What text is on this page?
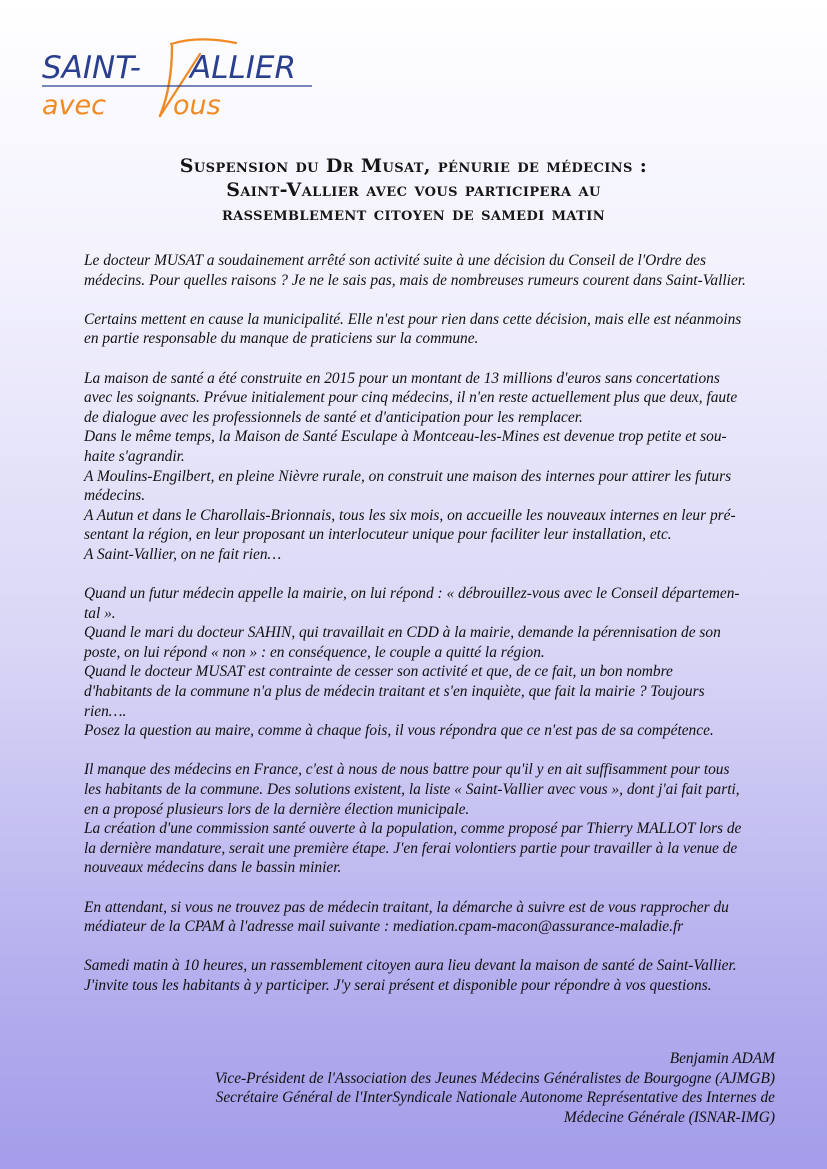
SAINT- ALLIER
avec ous
Suspension du Dr Musat, pénurie de médecins :
Saint-Vallier avec vous participera au
rassemblement citoyen de samedi matin

Le docteur MUSAT a soudainement arrêté son activité suite à une décision du Conseil de l'Ordre des
médecins. Pour quelles raisons ? Je ne le sais pas, mais de nombreuses rumeurs courent dans Saint-Vallier.

Certains mettent en cause la municipalité. Elle n'est pour rien dans cette décision, mais elle est néanmoins
en partie responsable du manque de praticiens sur la commune.

La maison de santé a été construite en 2015 pour un montant de 13 millions d'euros sans concertations
avec les soignants. Prévue initialement pour cinq médecins, il n'en reste actuellement plus que deux, faute
de dialogue avec les professionnels de santé et d'anticipation pour les remplacer.
Dans le même temps, la Maison de Santé Esculape à Montceau-les-Mines est devenue trop petite et sou-
haite s'agrandir.
A Moulins-Engilbert, en pleine Nièvre rurale, on construit une maison des internes pour attirer les futurs
médecins.
A Autun et dans le Charollais-Brionnais, tous les six mois, on accueille les nouveaux internes en leur pré-
sentant la région, en leur proposant un interlocuteur unique pour faciliter leur installation, etc.
A Saint-Vallier, on ne fait rien…

Quand un futur médecin appelle la mairie, on lui répond : « débrouillez-vous avec le Conseil départemen-
tal ».
Quand le mari du docteur SAHIN, qui travaillait en CDD à la mairie, demande la pérennisation de son
poste, on lui répond « non » : en conséquence, le couple a quitté la région.
Quand le docteur MUSAT est contrainte de cesser son activité et que, de ce fait, un bon nombre
d'habitants de la commune n'a plus de médecin traitant et s'en inquiète, que fait la mairie ? Toujours
rien….
Posez la question au maire, comme à chaque fois, il vous répondra que ce n'est pas de sa compétence.

Il manque des médecins en France, c'est à nous de nous battre pour qu'il y en ait suffisamment pour tous
les habitants de la commune. Des solutions existent, la liste « Saint-Vallier avec vous », dont j'ai fait parti,
en a proposé plusieurs lors de la dernière élection municipale.
La création d'une commission santé ouverte à la population, comme proposé par Thierry MALLOT lors de
la dernière mandature, serait une première étape. J'en ferai volontiers partie pour travailler à la venue de
nouveaux médecins dans le bassin minier.

En attendant, si vous ne trouvez pas de médecin traitant, la démarche à suivre est de vous rapprocher du
médiateur de la CPAM à l'adresse mail suivante : mediation.cpam-macon@assurance-maladie.fr

Samedi matin à 10 heures, un rassemblement citoyen aura lieu devant la maison de santé de Saint-Vallier.
J'invite tous les habitants à y participer. J'y serai présent et disponible pour répondre à vos questions.

Benjamin ADAM
Vice-Président de l'Association des Jeunes Médecins Généralistes de Bourgogne (AJMGB)
Secrétaire Général de l'InterSyndicale Nationale Autonome Représentative des Internes de
Médecine Générale (ISNAR-IMG)
